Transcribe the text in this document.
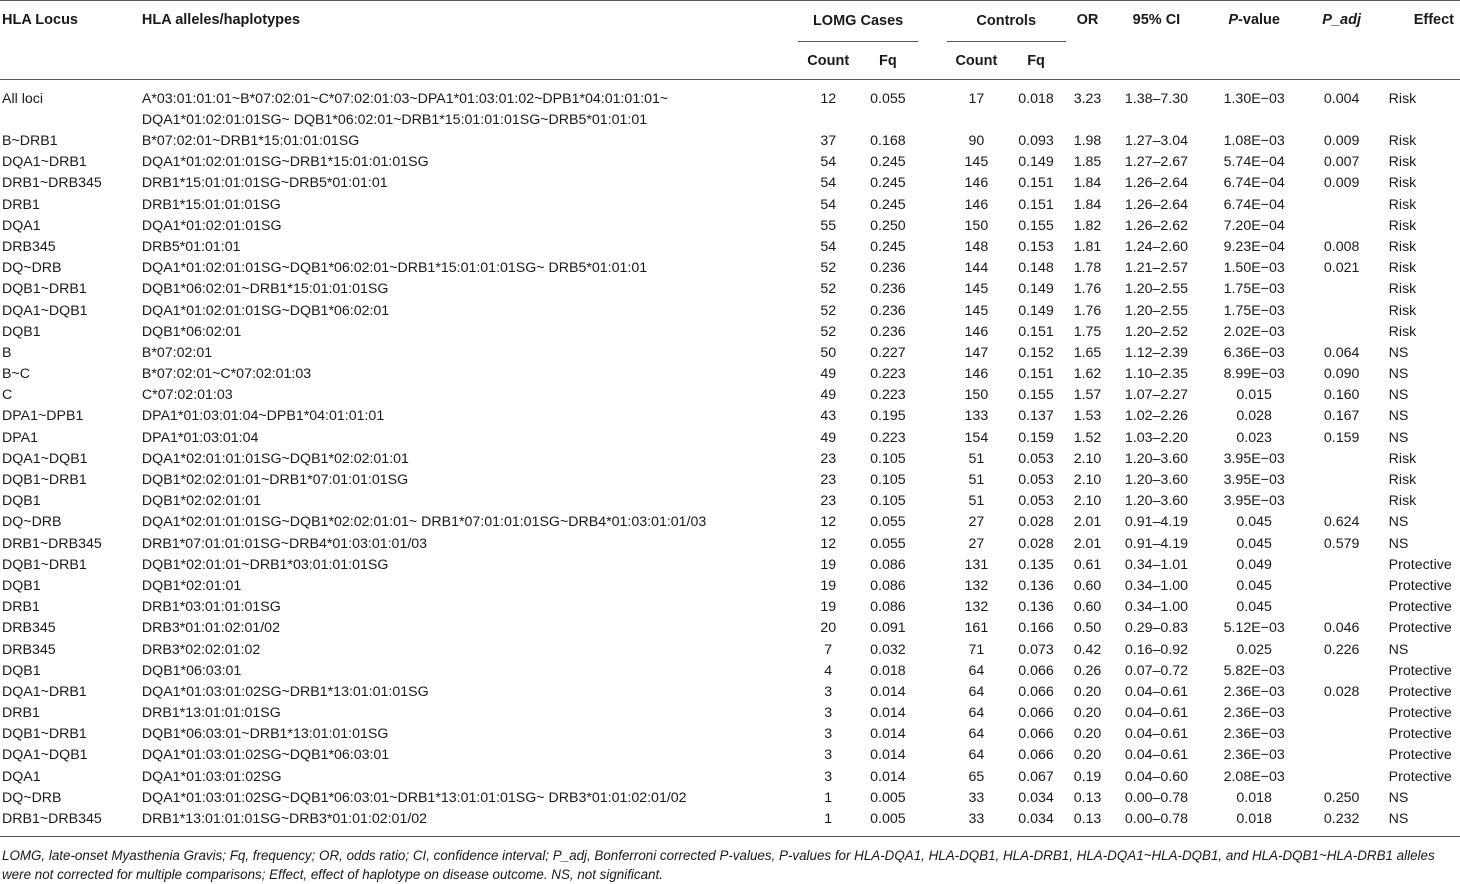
HLA Locus	HLA alleles/haplotypes	LOMG Cases			Controls		OR	95% CI	P-value	P_adj	Effect
		Count	Fq		Count	Fq					
All loci	A*03:01:01:01~B*07:02:01~C*07:02:01:03~DPA1*01:03:01:02~DPB1*04:01:01:01~ DQA1*01:02:01:01SG~ DQB1*06:02:01~DRB1*15:01:01:01SG~DRB5*01:01:01	12	0.055		17	0.018	3.23	1.38–7.30	1.30E−03	0.004	Risk
B~DRB1	B*07:02:01~DRB1*15:01:01:01SG	37	0.168		90	0.093	1.98	1.27–3.04	1.08E−03	0.009	Risk
DQA1~DRB1	DQA1*01:02:01:01SG~DRB1*15:01:01:01SG	54	0.245		145	0.149	1.85	1.27–2.67	5.74E−04	0.007	Risk
DRB1~DRB345	DRB1*15:01:01:01SG~DRB5*01:01:01	54	0.245		146	0.151	1.84	1.26–2.64	6.74E−04	0.009	Risk
DRB1	DRB1*15:01:01:01SG	54	0.245		146	0.151	1.84	1.26–2.64	6.74E−04		Risk
DQA1	DQA1*01:02:01:01SG	55	0.250		150	0.155	1.82	1.26–2.62	7.20E−04		Risk
DRB345	DRB5*01:01:01	54	0.245		148	0.153	1.81	1.24–2.60	9.23E−04	0.008	Risk
DQ~DRB	DQA1*01:02:01:01SG~DQB1*06:02:01~DRB1*15:01:01:01SG~ DRB5*01:01:01	52	0.236		144	0.148	1.78	1.21–2.57	1.50E−03	0.021	Risk
DQB1~DRB1	DQB1*06:02:01~DRB1*15:01:01:01SG	52	0.236		145	0.149	1.76	1.20–2.55	1.75E−03		Risk
DQA1~DQB1	DQA1*01:02:01:01SG~DQB1*06:02:01	52	0.236		145	0.149	1.76	1.20–2.55	1.75E−03		Risk
DQB1	DQB1*06:02:01	52	0.236		146	0.151	1.75	1.20–2.52	2.02E−03		Risk
B	B*07:02:01	50	0.227		147	0.152	1.65	1.12–2.39	6.36E−03	0.064	NS
B~C	B*07:02:01~C*07:02:01:03	49	0.223		146	0.151	1.62	1.10–2.35	8.99E−03	0.090	NS
C	C*07:02:01:03	49	0.223		150	0.155	1.57	1.07–2.27	0.015	0.160	NS
DPA1~DPB1	DPA1*01:03:01:04~DPB1*04:01:01:01	43	0.195		133	0.137	1.53	1.02–2.26	0.028	0.167	NS
DPA1	DPA1*01:03:01:04	49	0.223		154	0.159	1.52	1.03–2.20	0.023	0.159	NS
DQA1~DQB1	DQA1*02:01:01:01SG~DQB1*02:02:01:01	23	0.105		51	0.053	2.10	1.20–3.60	3.95E−03		Risk
DQB1~DRB1	DQB1*02:02:01:01~DRB1*07:01:01:01SG	23	0.105		51	0.053	2.10	1.20–3.60	3.95E−03		Risk
DQB1	DQB1*02:02:01:01	23	0.105		51	0.053	2.10	1.20–3.60	3.95E−03		Risk
DQ~DRB	DQA1*02:01:01:01SG~DQB1*02:02:01:01~ DRB1*07:01:01:01SG~DRB4*01:03:01:01/03	12	0.055		27	0.028	2.01	0.91–4.19	0.045	0.624	NS
DRB1~DRB345	DRB1*07:01:01:01SG~DRB4*01:03:01:01/03	12	0.055		27	0.028	2.01	0.91–4.19	0.045	0.579	NS
DQB1~DRB1	DQB1*02:01:01~DRB1*03:01:01:01SG	19	0.086		131	0.135	0.61	0.34–1.01	0.049		Protective
DQB1	DQB1*02:01:01	19	0.086		132	0.136	0.60	0.34–1.00	0.045		Protective
DRB1	DRB1*03:01:01:01SG	19	0.086		132	0.136	0.60	0.34–1.00	0.045		Protective
DRB345	DRB3*01:01:02:01/02	20	0.091		161	0.166	0.50	0.29–0.83	5.12E−03	0.046	Protective
DRB345	DRB3*02:02:01:02	7	0.032		71	0.073	0.42	0.16–0.92	0.025	0.226	NS
DQB1	DQB1*06:03:01	4	0.018		64	0.066	0.26	0.07–0.72	5.82E−03		Protective
DQA1~DRB1	DQA1*01:03:01:02SG~DRB1*13:01:01:01SG	3	0.014		64	0.066	0.20	0.04–0.61	2.36E−03	0.028	Protective
DRB1	DRB1*13:01:01:01SG	3	0.014		64	0.066	0.20	0.04–0.61	2.36E−03		Protective
DQB1~DRB1	DQB1*06:03:01~DRB1*13:01:01:01SG	3	0.014		64	0.066	0.20	0.04–0.61	2.36E−03		Protective
DQA1~DQB1	DQA1*01:03:01:02SG~DQB1*06:03:01	3	0.014		64	0.066	0.20	0.04–0.61	2.36E−03		Protective
DQA1	DQA1*01:03:01:02SG	3	0.014		65	0.067	0.19	0.04–0.60	2.08E−03		Protective
DQ~DRB	DQA1*01:03:01:02SG~DQB1*06:03:01~DRB1*13:01:01:01SG~ DRB3*01:01:02:01/02	1	0.005		33	0.034	0.13	0.00–0.78	0.018	0.250	NS
DRB1~DRB345	DRB1*13:01:01:01SG~DRB3*01:01:02:01/02	1	0.005		33	0.034	0.13	0.00–0.78	0.018	0.232	NS
LOMG, late-onset Myasthenia Gravis; Fq, frequency; OR, odds ratio; CI, confidence interval; P_adj, Bonferroni corrected P-values, P-values for HLA-DQA1, HLA-DQB1, HLA-DRB1, HLA-DQA1~HLA-DQB1, and HLA-DQB1~HLA-DRB1 alleles were not corrected for multiple comparisons; Effect, effect of haplotype on disease outcome. NS, not significant.
